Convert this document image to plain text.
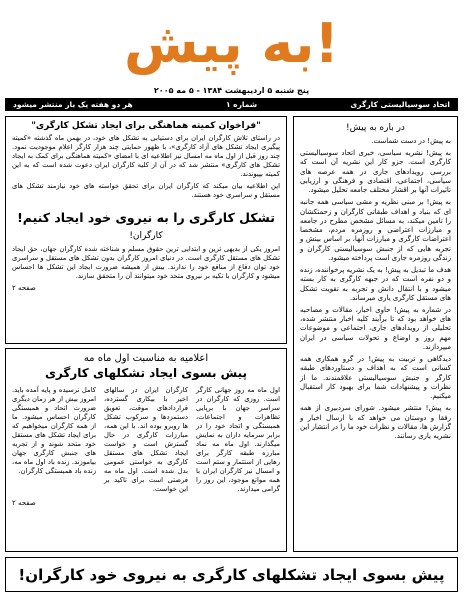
به پیش!
پنج شنبه ۵ اردیبهشت ۱۳۸۴ - ۵ مه ۲۰۰۵
اتحاد سوسیالیستی کارگری
شماره ۱
هر دو هفته یک بار منتشر میشود
در باره به پیش!

به پیش! در دست شماست.

به پیش! نشریه سیاسی، خبری اتحاد سوسیالیستی کارگری است. جزو کار این نشریه آن است که بررسی رویدادهای جاری در همه عرصه های سیاسی، اجتماعی، اقتصادی و فرهنگی و ارزیابی تاثیرات آنها بر اقشار مختلف جامعه تحلیل میشود.

به پیش! بر مبنی نظریه و مشی سیاسی همه جانبه ای که بنیاد و اهداف طبقاتی کارگران و زحمتکشان را تامین میکند، به مسائل مشخص مطرح در جامعه و مبارزات اعتراضی و روزمره مردم، مشخصا اعتراضات کارگری و مبارزات آنها، بر اساس بینش و تجربه هایی که از جنبش سوسیالیستی کارگران و زندگی روزمره جاری است پرداخته میشود.

هدف ما تبدیل به پیش! به یک نشریه پرخواننده، زنده و دو نفره است که در جبهه کارگری به کار بسته میشود و با انتقال دانش و تجربه به تقویت تشکل های مستقل کارگری یاری میرساند.

در شماره به پیش! حاوی اخبار، مقالات و مصاحبه های خواهد بود که تا برآیند کلیه اخبار منتشر شده، تحلیلی از رویدادهای جاری، اجتماعی و موضوعات مهم روز و اوضاع و تحولات سیاسی در ایران میپردازند.

دیدگاهی و تربیت به پیش! در گرو همکاری همه کسانی است که به اهداف و دستاوردهای طبقه کارگر و جنبش سوسیالیستی علاقمندند. ما از نظرات و پیشنهادات شما برای بهبود کار استقبال میکنیم.

به پیش! منتشر میشود. شورای سردبیری از همه رفقا و دوستان می خواهد که با ارسال اخبار و گزارش ها، مقالات و نظرات خود ما را در انتشار این نشریه یاری رسانند.

"فراخوان کمیته هماهنگی برای ایجاد تشکل کارگری"

در راستای تلاش کارگران ایران برای دستیابی به تشکل های خود، در بهمن ماه گذشته «کمیته پیگیری ایجاد تشکل های آزاد کارگری»، با ظهور حمایتی چند هزار کارگر اعلام موجودیت نمود. چند روز قبل از اول ماه مه امسال نیز اطلاعیه ای با امضای «کمیته هماهنگی برای کمک به ایجاد تشکل های کارگری» منتشر شد که در آن از کلیه کارگران ایران دعوت شده است که به این کمیته بپیوندند.

این اطلاعیه بیان میکند که کارگران ایران برای تحقق خواسته های خود نیازمند تشکل های مستقل و سراسری خود هستند.

تشکل کارگری را به نیروی خود ایجاد کنیم!
کارگران!

امروز یکی از بدیهی ترین و ابتدایی ترین حقوق مسلم و شناخته شده کارگران جهان، حق ایجاد تشکل های مستقل کارگری است. در دنیای امروز کارگران بدون تشکل های مستقل و سراسری خود توان دفاع از منافع خود را ندارند. بیش از همیشه ضرورت ایجاد این تشکل ها احساس میشود و کارگران با تکیه بر نیروی متحد خود میتوانند آن را متحقق سازند.

صفحه ۲
اعلامیه به مناسبت اول ماه مه
پیش بسوی ایجاد تشکلهای کارگری

اول ماه مه روز جهانی کارگر است. روزی که کارگران در سراسر جهان با برپایی تظاهرات و اجتماعات، همبستگی و اتحاد خود را در برابر سرمایه داران به نمایش میگذارند. اول ماه مه نماد مبارزه طبقه کارگر برای رهایی از استثمار و ستم است و امسال نیز کارگران ایران با همه موانع موجود، این روز را گرامی میدارند.

کارگران ایران در سالهای اخیر با بیکاری گسترده، قراردادهای موقت، تعویق دستمزدها و سرکوب تشکل ها روبرو بوده اند. با این همه، مبارزات کارگری در حال گسترش است و خواست ایجاد تشکل های مستقل کارگری به خواستی عمومی بدل شده است. اول ماه مه فرصتی است برای تاکید بر این خواست.

کامل نرسیده و پایه آمده باید. امروز بیش از هر زمان دیگری ضرورت اتحاد و همبستگی کارگران احساس میشود. ما از همه کارگران میخواهیم که برای ایجاد تشکل های مستقل خود متحد شوند و از تجربه های جنبش کارگری جهان بیاموزند. زنده باد اول ماه مه، زنده باد همبستگی کارگران.

صفحه ۲
پیش بسوی ایجاد تشکلهای کارگری به نیروی خود کارگران!
